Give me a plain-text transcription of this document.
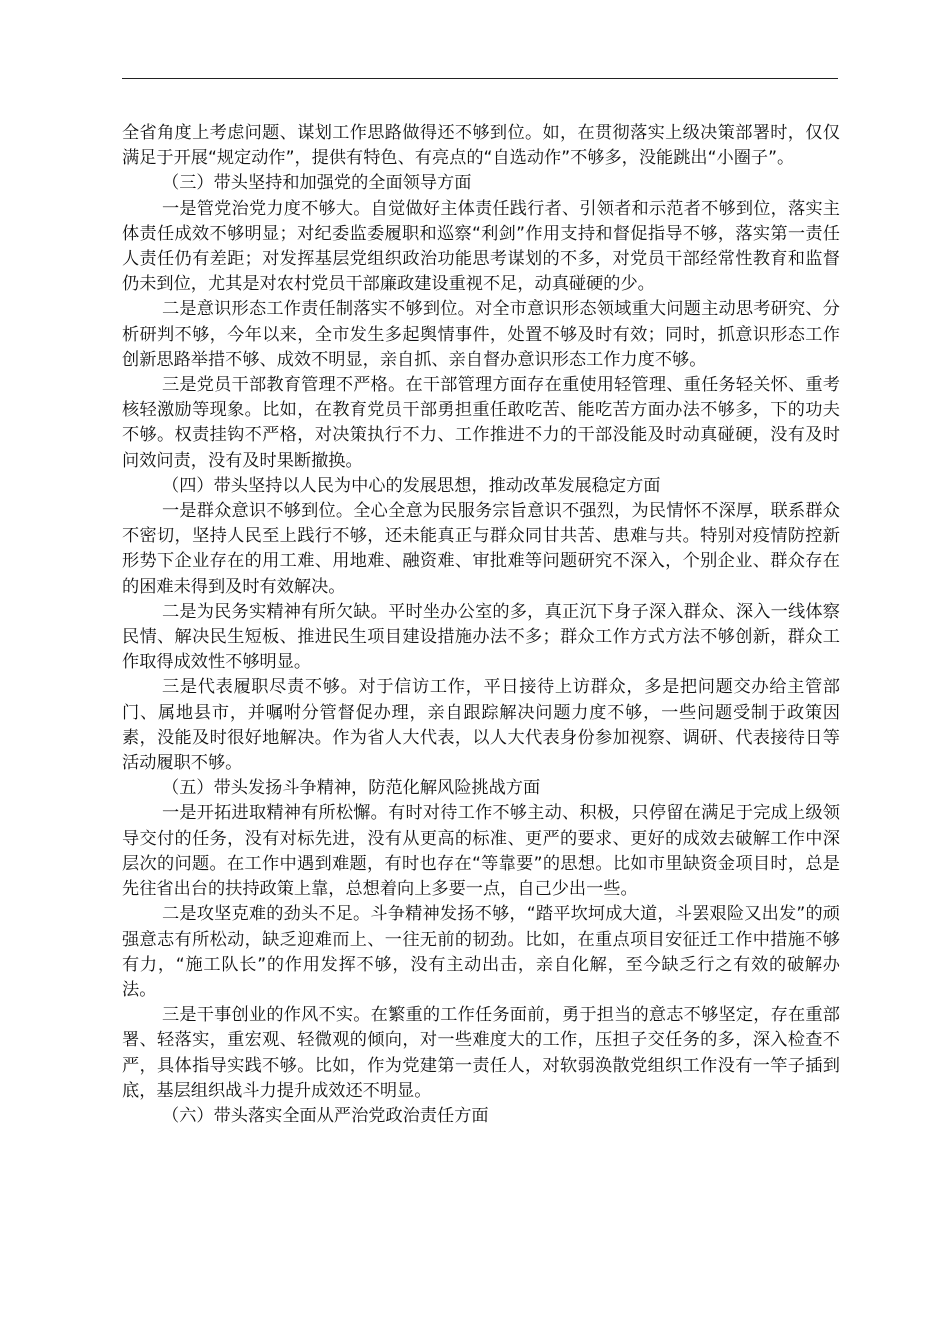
全省角度上考虑问题、谋划工作思路做得还不够到位。如，在贯彻落实上级决策部署时，仅仅满足于开展“规定动作”，提供有特色、有亮点的“自选动作”不够多，没能跳出“小圈子”。

（三）带头坚持和加强党的全面领导方面

一是管党治党力度不够大。自觉做好主体责任践行者、引领者和示范者不够到位，落实主体责任成效不够明显；对纪委监委履职和巡察“利剑”作用支持和督促指导不够，落实第一责任人责任仍有差距；对发挥基层党组织政治功能思考谋划的不多，对党员干部经常性教育和监督仍未到位，尤其是对农村党员干部廉政建设重视不足，动真碰硬的少。

二是意识形态工作责任制落实不够到位。对全市意识形态领域重大问题主动思考研究、分析研判不够，今年以来，全市发生多起舆情事件，处置不够及时有效；同时，抓意识形态工作创新思路举措不够、成效不明显，亲自抓、亲自督办意识形态工作力度不够。

三是党员干部教育管理不严格。在干部管理方面存在重使用轻管理、重任务轻关怀、重考核轻激励等现象。比如，在教育党员干部勇担重任敢吃苦、能吃苦方面办法不够多，下的功夫不够。权责挂钩不严格，对决策执行不力、工作推进不力的干部没能及时动真碰硬，没有及时问效问责，没有及时果断撤换。

（四）带头坚持以人民为中心的发展思想，推动改革发展稳定方面

一是群众意识不够到位。全心全意为民服务宗旨意识不强烈，为民情怀不深厚，联系群众不密切，坚持人民至上践行不够，还未能真正与群众同甘共苦、患难与共。特别对疫情防控新形势下企业存在的用工难、用地难、融资难、审批难等问题研究不深入，个别企业、群众存在的困难未得到及时有效解决。

二是为民务实精神有所欠缺。平时坐办公室的多，真正沉下身子深入群众、深入一线体察民情、解决民生短板、推进民生项目建设措施办法不多；群众工作方式方法不够创新，群众工作取得成效性不够明显。

三是代表履职尽责不够。对于信访工作，平日接待上访群众，多是把问题交办给主管部门、属地县市，并嘱咐分管督促办理，亲自跟踪解决问题力度不够，一些问题受制于政策因素，没能及时很好地解决。作为省人大代表，以人大代表身份参加视察、调研、代表接待日等活动履职不够。

（五）带头发扬斗争精神，防范化解风险挑战方面

一是开拓进取精神有所松懈。有时对待工作不够主动、积极，只停留在满足于完成上级领导交付的任务，没有对标先进，没有从更高的标准、更严的要求、更好的成效去破解工作中深层次的问题。在工作中遇到难题，有时也存在“等靠要”的思想。比如市里缺资金项目时，总是先往省出台的扶持政策上靠，总想着向上多要一点，自己少出一些。

二是攻坚克难的劲头不足。斗争精神发扬不够，“踏平坎坷成大道，斗罢艰险又出发”的顽强意志有所松动，缺乏迎难而上、一往无前的韧劲。比如，在重点项目安征迁工作中措施不够有力，“施工队长”的作用发挥不够，没有主动出击，亲自化解，至今缺乏行之有效的破解办法。

三是干事创业的作风不实。在繁重的工作任务面前，勇于担当的意志不够坚定，存在重部署、轻落实，重宏观、轻微观的倾向，对一些难度大的工作，压担子交任务的多，深入检查不严，具体指导实践不够。比如，作为党建第一责任人，对软弱涣散党组织工作没有一竿子插到底，基层组织战斗力提升成效还不明显。

（六）带头落实全面从严治党政治责任方面
